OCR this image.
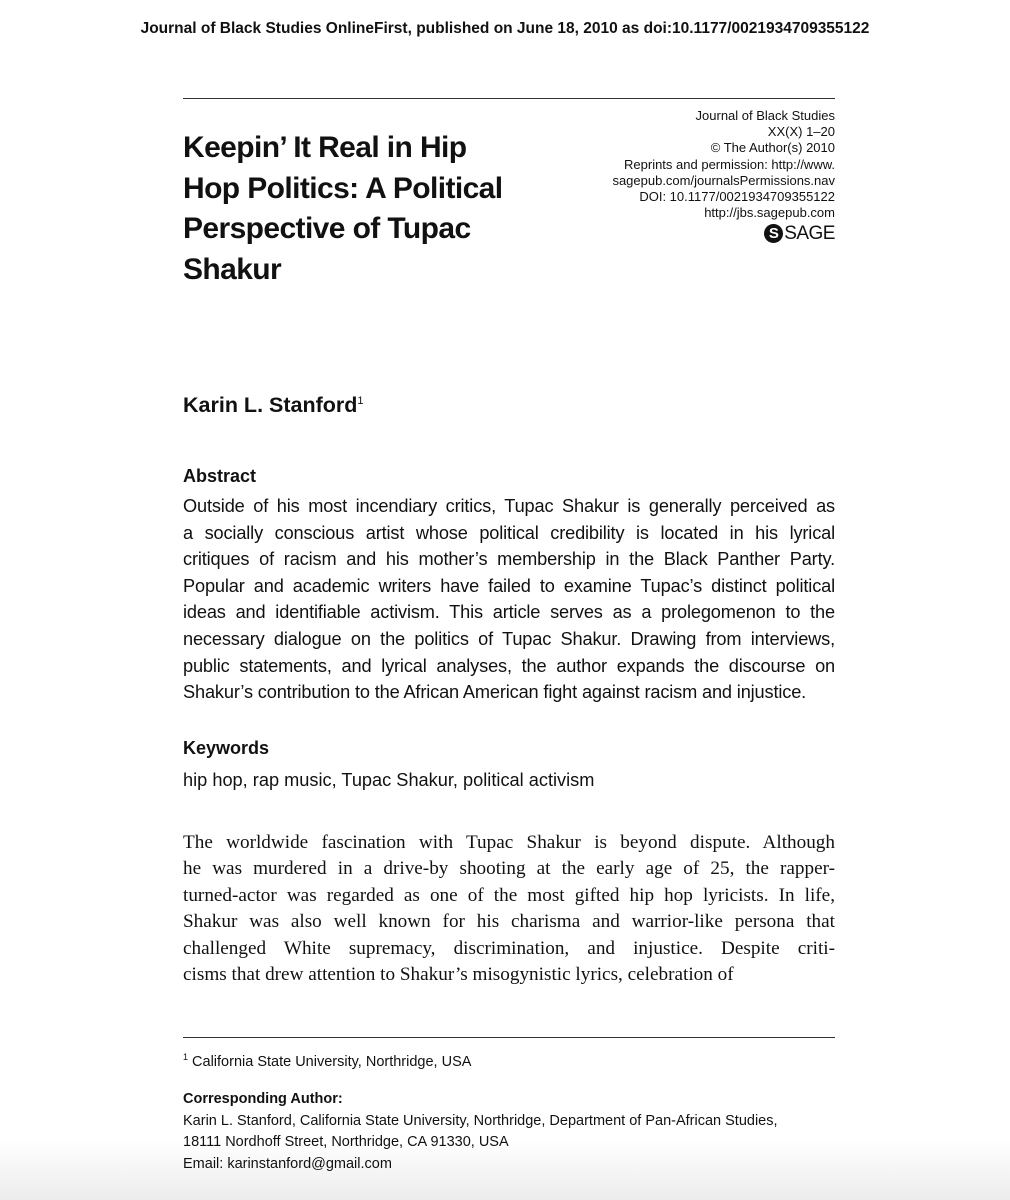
Journal of Black Studies OnlineFirst, published on June 18, 2010 as doi:10.1177/0021934709355122
Keepin’ It Real in Hip
Hop Politics: A Political
Perspective of Tupac
Shakur
Journal of Black Studies
XX(X) 1–20
© The Author(s) 2010
Reprints and permission: http://www.
sagepub.com/journalsPermissions.nav
DOI: 10.1177/0021934709355122
http://jbs.sagepub.com
S SAGE
Karin L. Stanford$^1$
Abstract
Outside of his most incendiary critics, Tupac Shakur is generally perceived as
a socially conscious artist whose political credibility is located in his lyrical
critiques of racism and his mother’s membership in the Black Panther Party.
Popular and academic writers have failed to examine Tupac’s distinct political
ideas and identifiable activism. This article serves as a prolegomenon to the
necessary dialogue on the politics of Tupac Shakur. Drawing from interviews,
public statements, and lyrical analyses, the author expands the discourse on
Shakur’s contribution to the African American fight against racism and injustice.
Keywords
hip hop, rap music, Tupac Shakur, political activism
The worldwide fascination with Tupac Shakur is beyond dispute. Although
he was murdered in a drive-by shooting at the early age of 25, the rapper-
turned-actor was regarded as one of the most gifted hip hop lyricists. In life,
Shakur was also well known for his charisma and warrior-like persona that
challenged White supremacy, discrimination, and injustice. Despite criti-
cisms that drew attention to Shakur’s misogynistic lyrics, celebration of
$^1$ California State University, Northridge, USA
Corresponding Author:
Karin L. Stanford, California State University, Northridge, Department of Pan-African Studies,
18111 Nordhoff Street, Northridge, CA 91330, USA
Email: karinstanford@gmail.com
